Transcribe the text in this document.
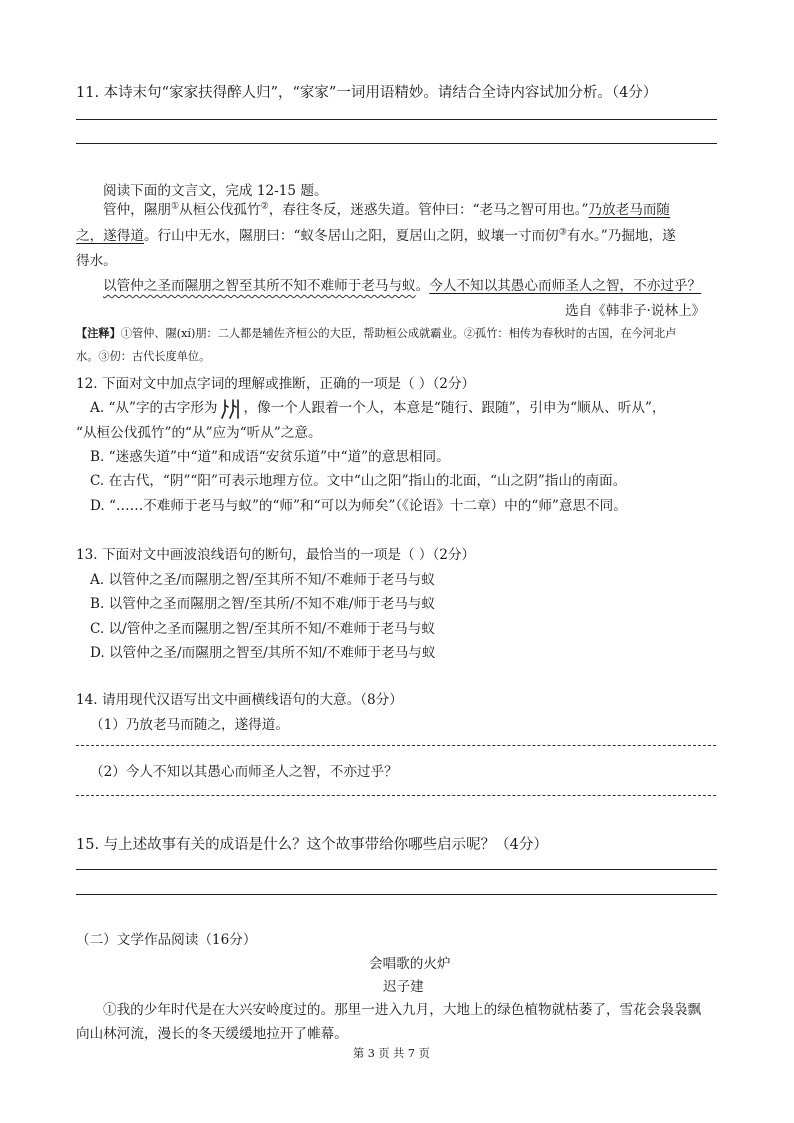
11. 本诗末句“家家扶得醉人归”，“家家”一词用语精妙。请结合全诗内容试加分析。（4分）
阅读下面的文言文，完成 12-15 题。
管仲，隰朋①从桓公伐孤竹②，春往冬反，迷惑失道。管仲曰：“老马之智可用也。”乃放老马而随
之，遂得道。行山中无水，隰朋曰：“蚁冬居山之阳，夏居山之阴，蚁壤一寸而仞③有水。”乃掘地，遂
得水。
以管仲之圣而隰朋之智至其所不知不难师于老马与蚁。今人不知以其愚心而师圣人之智，不亦过乎？
选自《韩非子·说林上》
【注释】①管仲、隰(xí)朋：二人都是辅佐齐桓公的大臣，帮助桓公成就霸业。②孤竹：相传为春秋时的古国，在今河北卢
水。③仞：古代长度单位。
12. 下面对文中加点字词的理解或推断，正确的一项是（ ）（2分）
A. “从”字的古字形为 ，像一个人跟着一个人，本意是“随行、跟随”，引申为“顺从、听从”，
“从桓公伐孤竹”的“从”应为“听从”之意。
B. “迷惑失道”中“道”和成语“安贫乐道”中“道”的意思相同。
C. 在古代，“阴”“阳”可表示地理方位。文中“山之阳”指山的北面，“山之阴”指山的南面。
D. “……不难师于老马与蚁”的“师”和“可以为师矣”（《论语》十二章）中的“师”意思不同。
13. 下面对文中画波浪线语句的断句，最恰当的一项是（ ）（2分）
A. 以管仲之圣/而隰朋之智/至其所不知/不难师于老马与蚁
B. 以管仲之圣而隰朋之智/至其所/不知不难/师于老马与蚁
C. 以/管仲之圣而隰朋之智/至其所不知/不难师于老马与蚁
D. 以管仲之圣/而隰朋之智至/其所不知/不难师于老马与蚁
14. 请用现代汉语写出文中画横线语句的大意。（8分）
（1）乃放老马而随之，遂得道。
（2）今人不知以其愚心而师圣人之智，不亦过乎？
15. 与上述故事有关的成语是什么？这个故事带给你哪些启示呢？（4分）
（二）文学作品阅读（16分）
会唱歌的火炉
迟子建
①我的少年时代是在大兴安岭度过的。那里一进入九月，大地上的绿色植物就枯萎了，雪花会袅袅飘
向山林河流，漫长的冬天缓缓地拉开了帷幕。
第 3 页 共 7 页
